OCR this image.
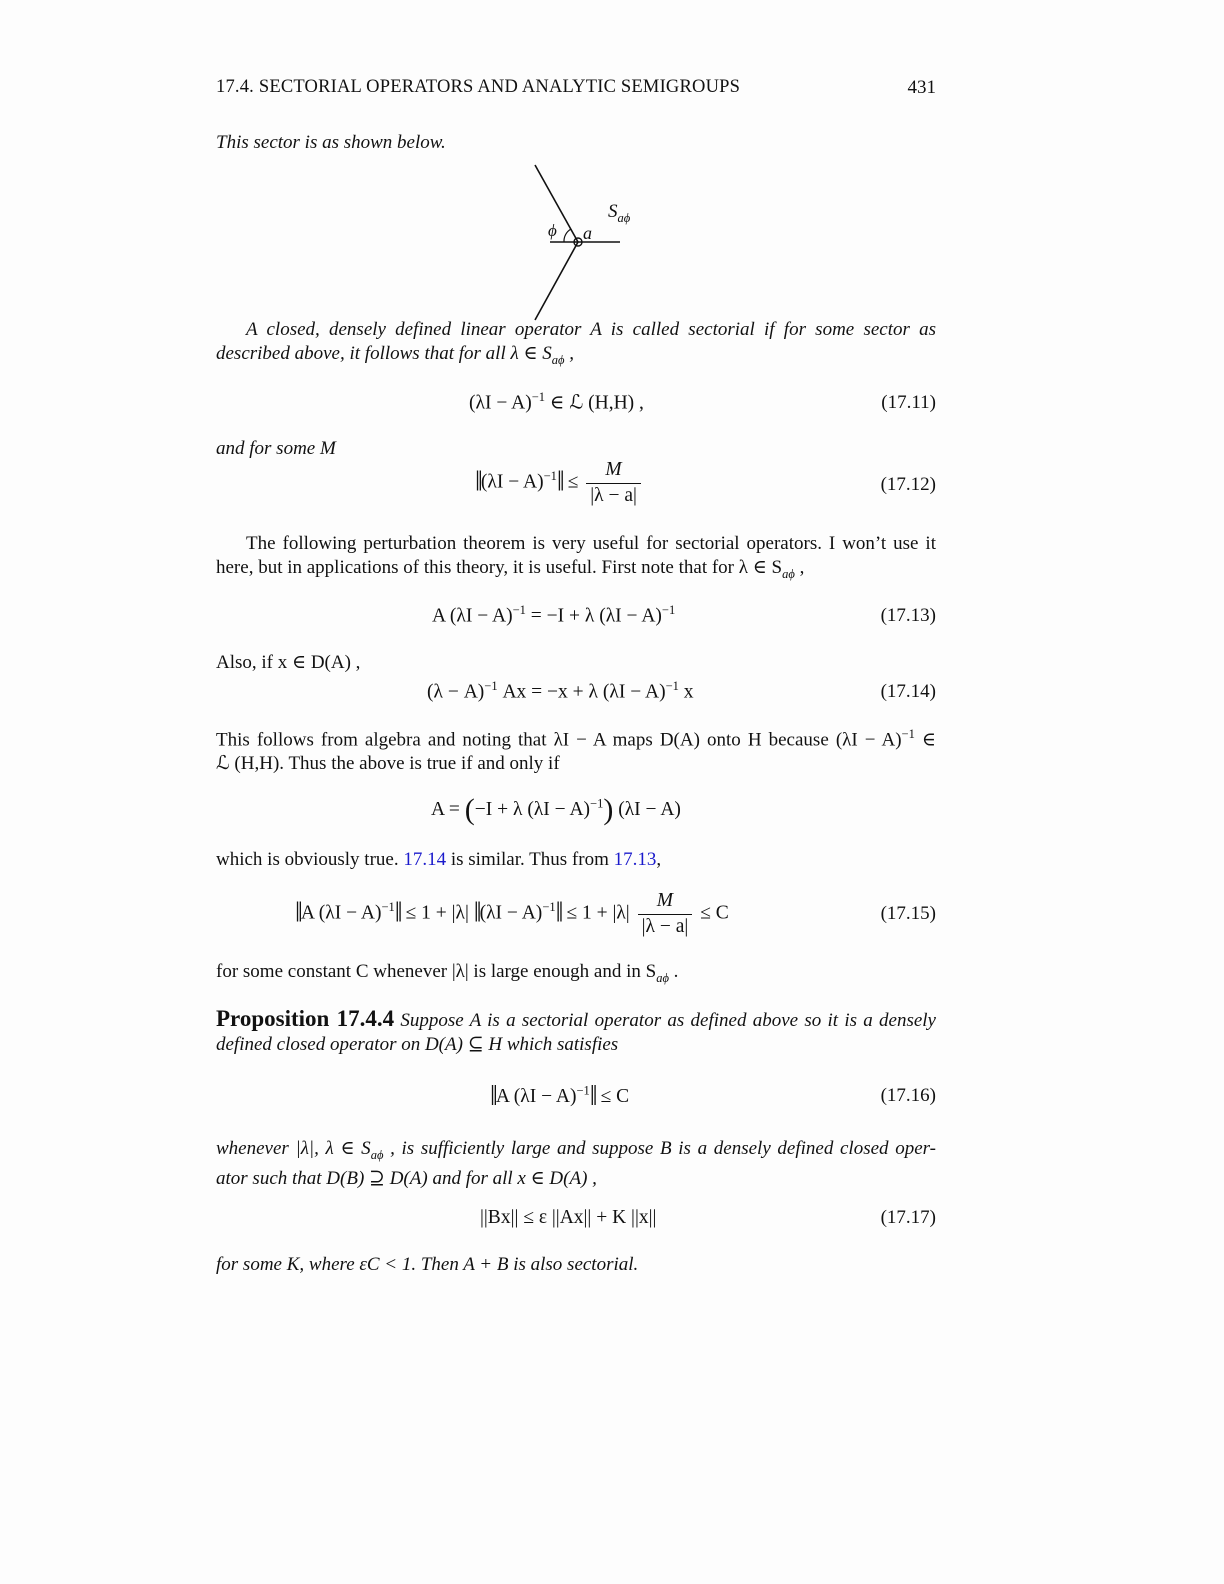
17.4. SECTORIAL OPERATORS AND ANALYTIC SEMIGROUPS	431
This sector is as shown below.
$S_{a\phi}$
ϕ a
A closed, densely defined linear operator A is called sectorial if for some sector as
described above, it follows that for all λ ∈ $S_{a\phi}$ ,
$(\lambda I - A)^{-1}$ ∈ ℒ (H,H) ,	(17.11)
and for some M
‖(λI − A)$^{-1}$‖ ≤ $\frac{M}{|\lambda - a|}$	(17.12)
The following perturbation theorem is very useful for sectorial operators. I won’t use it
here, but in applications of this theory, it is useful. First note that for λ ∈ $S_{a\phi}$ ,
A $(\lambda I - A)^{-1} = -I + \lambda$ $(\lambda I - A)^{-1}$	(17.13)
Also, if x ∈ D(A) ,
$(\lambda - A)^{-1}$ Ax = −x + λ $(\lambda I - A)^{-1}$ x	(17.14)
This follows from algebra and noting that λI − A maps D(A) onto H because $(\lambda I - A)^{-1}$ ∈
ℒ (H,H). Thus the above is true if and only if
A = (−I + λ $(\lambda I - A)^{-1}$) (λI − A)
which is obviously true. 17.14 is similar. Thus from 17.13,
‖A $(\lambda I - A)^{-1}‖ \le 1 + |\lambda|$ ‖(λI − A)$^{-1}$‖ ≤ $1 + |\lambda| \frac{M}{|\lambda - a|} \le C$	(17.15)
for some constant C whenever |λ| is large enough and in $S_{a\phi}$ .
Proposition 17.4.4 Suppose A is a sectorial operator as defined above so it is a densely
defined closed operator on D(A) ⊆ H which satisfies
‖A $(\lambda I - A)^{-1}‖ \le C$	(17.16)
whenever |λ|, λ ∈ $S_{a\phi}$ , is sufficiently large and suppose B is a densely defined closed oper-
ator such that D(B) ⊇ D(A) and for all x ∈ D(A) ,
||Bx|| ≤ ε ||Ax|| + K ||x||	(17.17)
for some K, where εC < 1. Then A + B is also sectorial.
